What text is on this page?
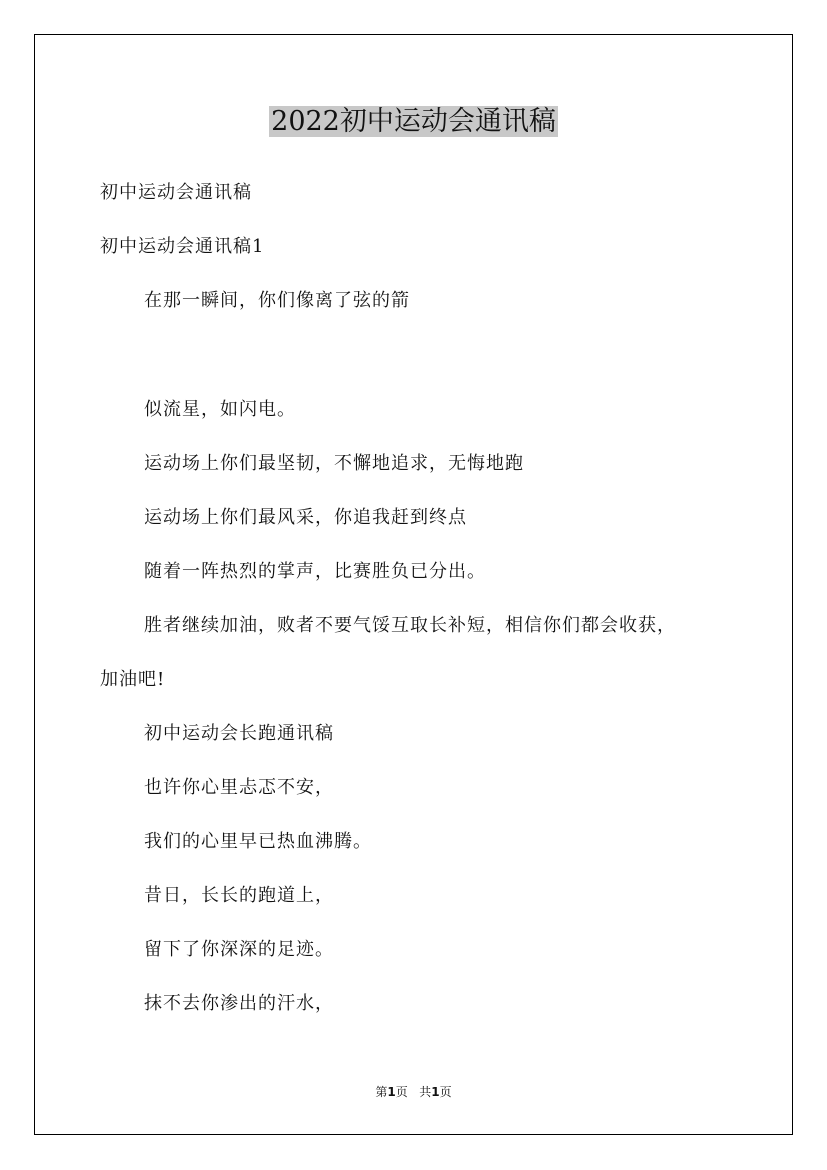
2022初中运动会通讯稿
初中运动会通讯稿
初中运动会通讯稿1
在那一瞬间，你们像离了弦的箭
似流星，如闪电。
运动场上你们最坚韧，不懈地追求，无悔地跑
运动场上你们最风采，你追我赶到终点
随着一阵热烈的掌声，比赛胜负已分出。
胜者继续加油，败者不要气馁互取长补短，相信你们都会收获，
加油吧!
初中运动会长跑通讯稿
也许你心里忐忑不安，
我们的心里早已热血沸腾。
昔日，长长的跑道上，
留下了你深深的足迹。
抹不去你渗出的汗水，
第1页 共1页
